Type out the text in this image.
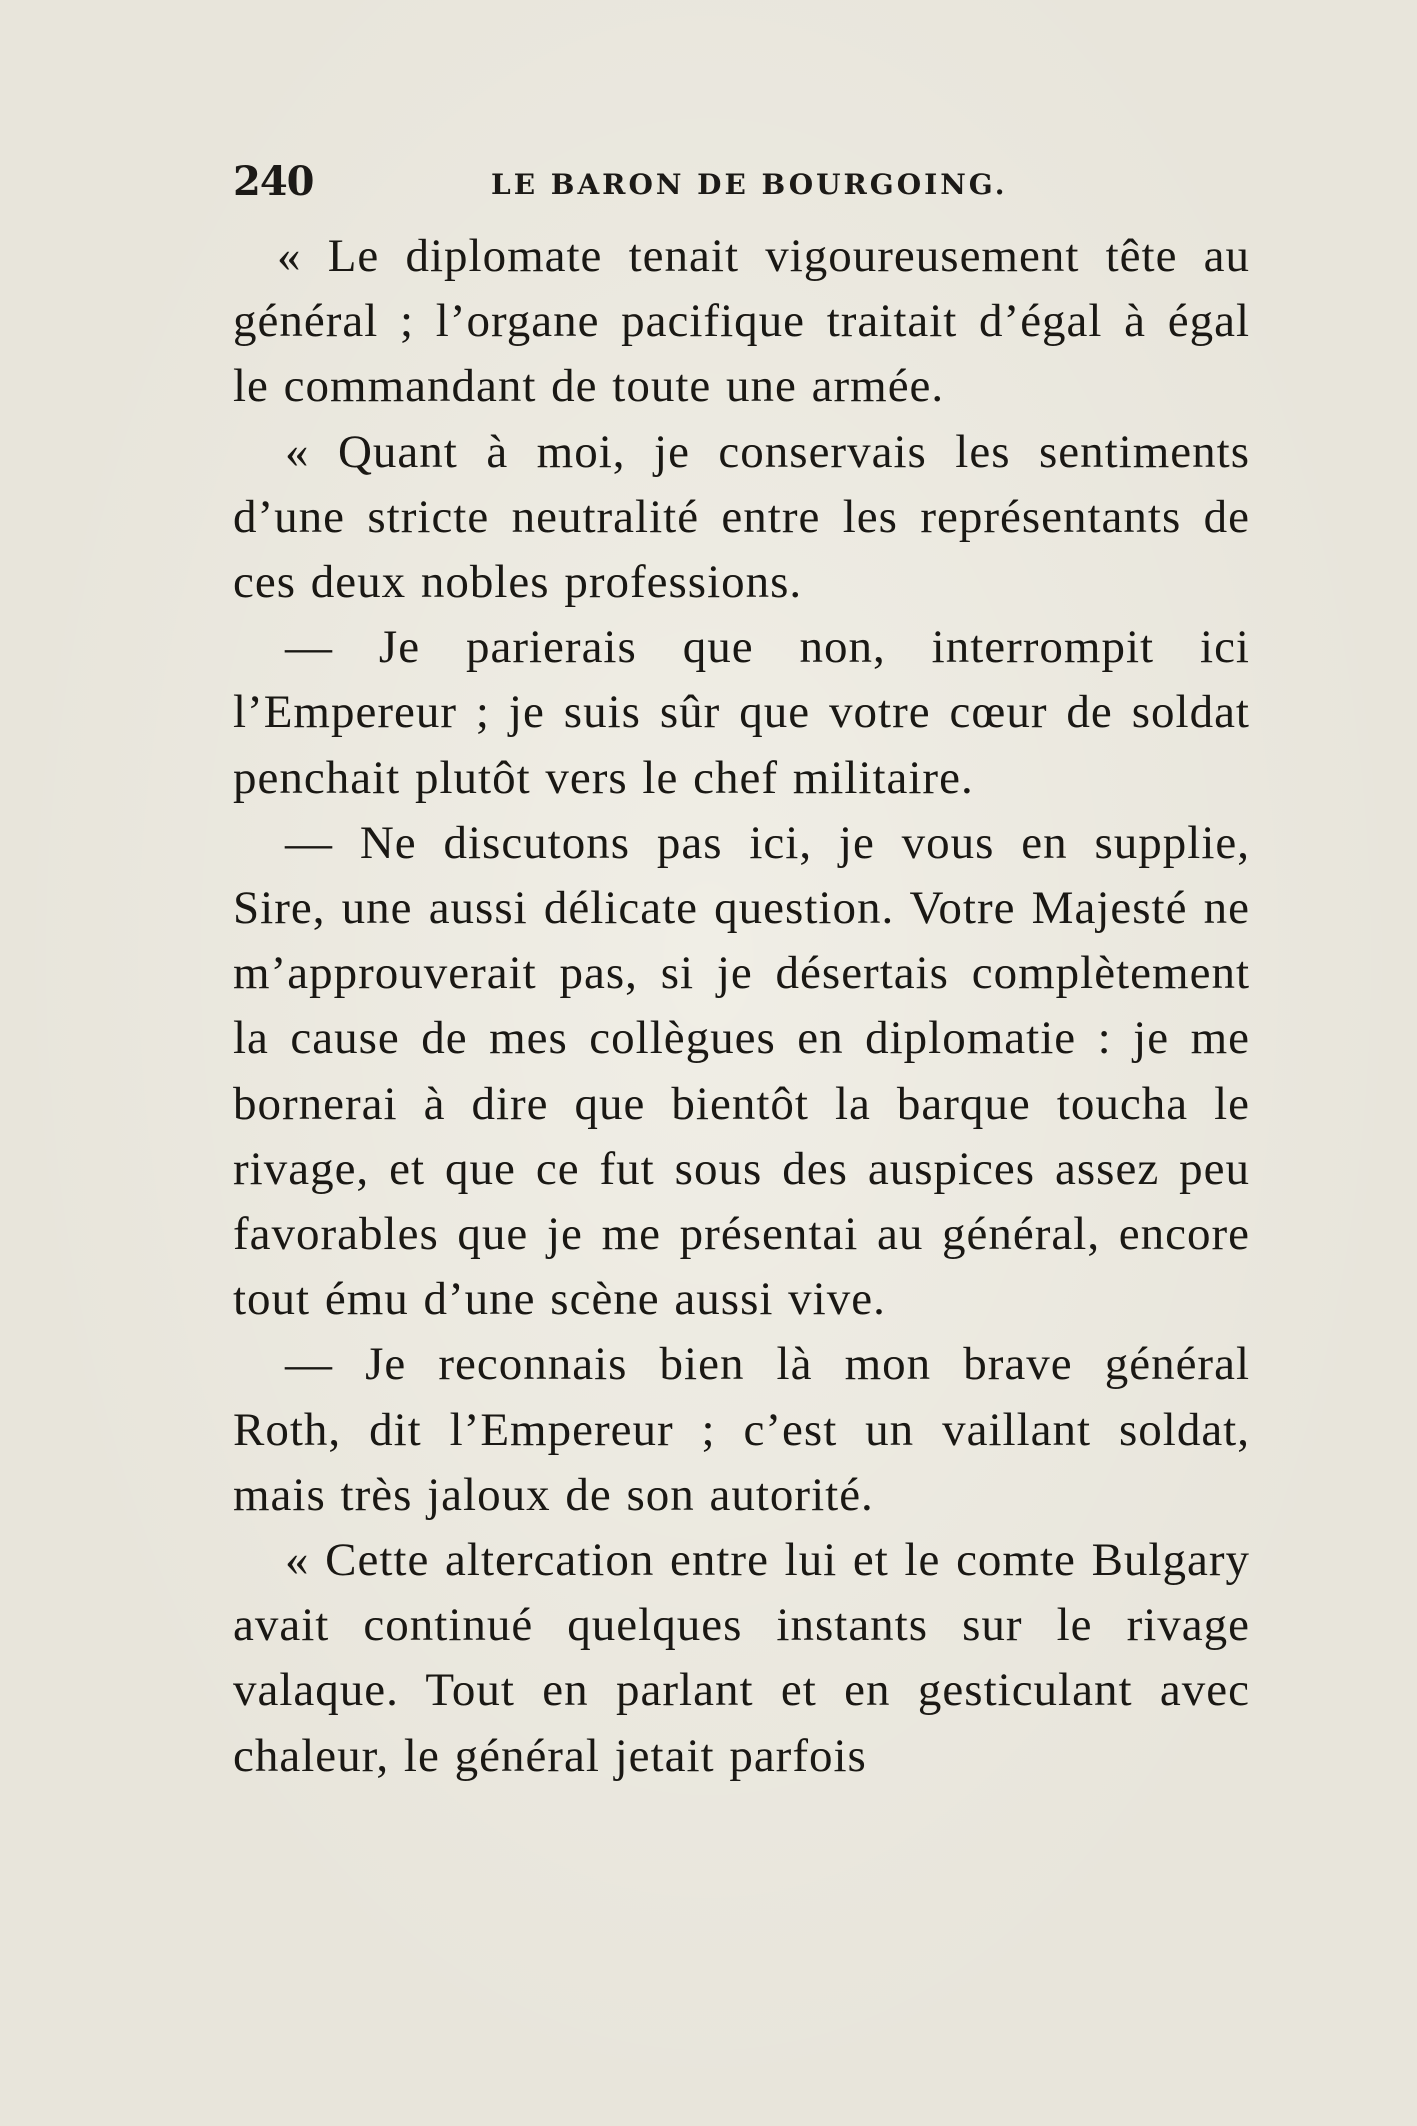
240	LE BARON DE BOURGOING.

« Le diplomate tenait vigoureusement tête au général ; l’organe pacifique traitait d’égal à égal le commandant de toute une armée.

« Quant à moi, je conservais les sentiments d’une stricte neutralité entre les représentants de ces deux nobles professions.

— Je parierais que non, interrompit ici l’Empereur ; je suis sûr que votre cœur de soldat penchait plutôt vers le chef militaire.

— Ne discutons pas ici, je vous en supplie, Sire, une aussi délicate question. Votre Majesté ne m’approuverait pas, si je désertais complètement la cause de mes collègues en diplomatie : je me bornerai à dire que bientôt la barque toucha le rivage, et que ce fut sous des auspices assez peu favorables que je me présentai au général, encore tout ému d’une scène aussi vive.

— Je reconnais bien là mon brave général Roth, dit l’Empereur ; c’est un vaillant soldat, mais très jaloux de son autorité.

« Cette altercation entre lui et le comte Bulgary avait continué quelques instants sur le rivage valaque. Tout en parlant et en gesticulant avec chaleur, le général jetait parfois
